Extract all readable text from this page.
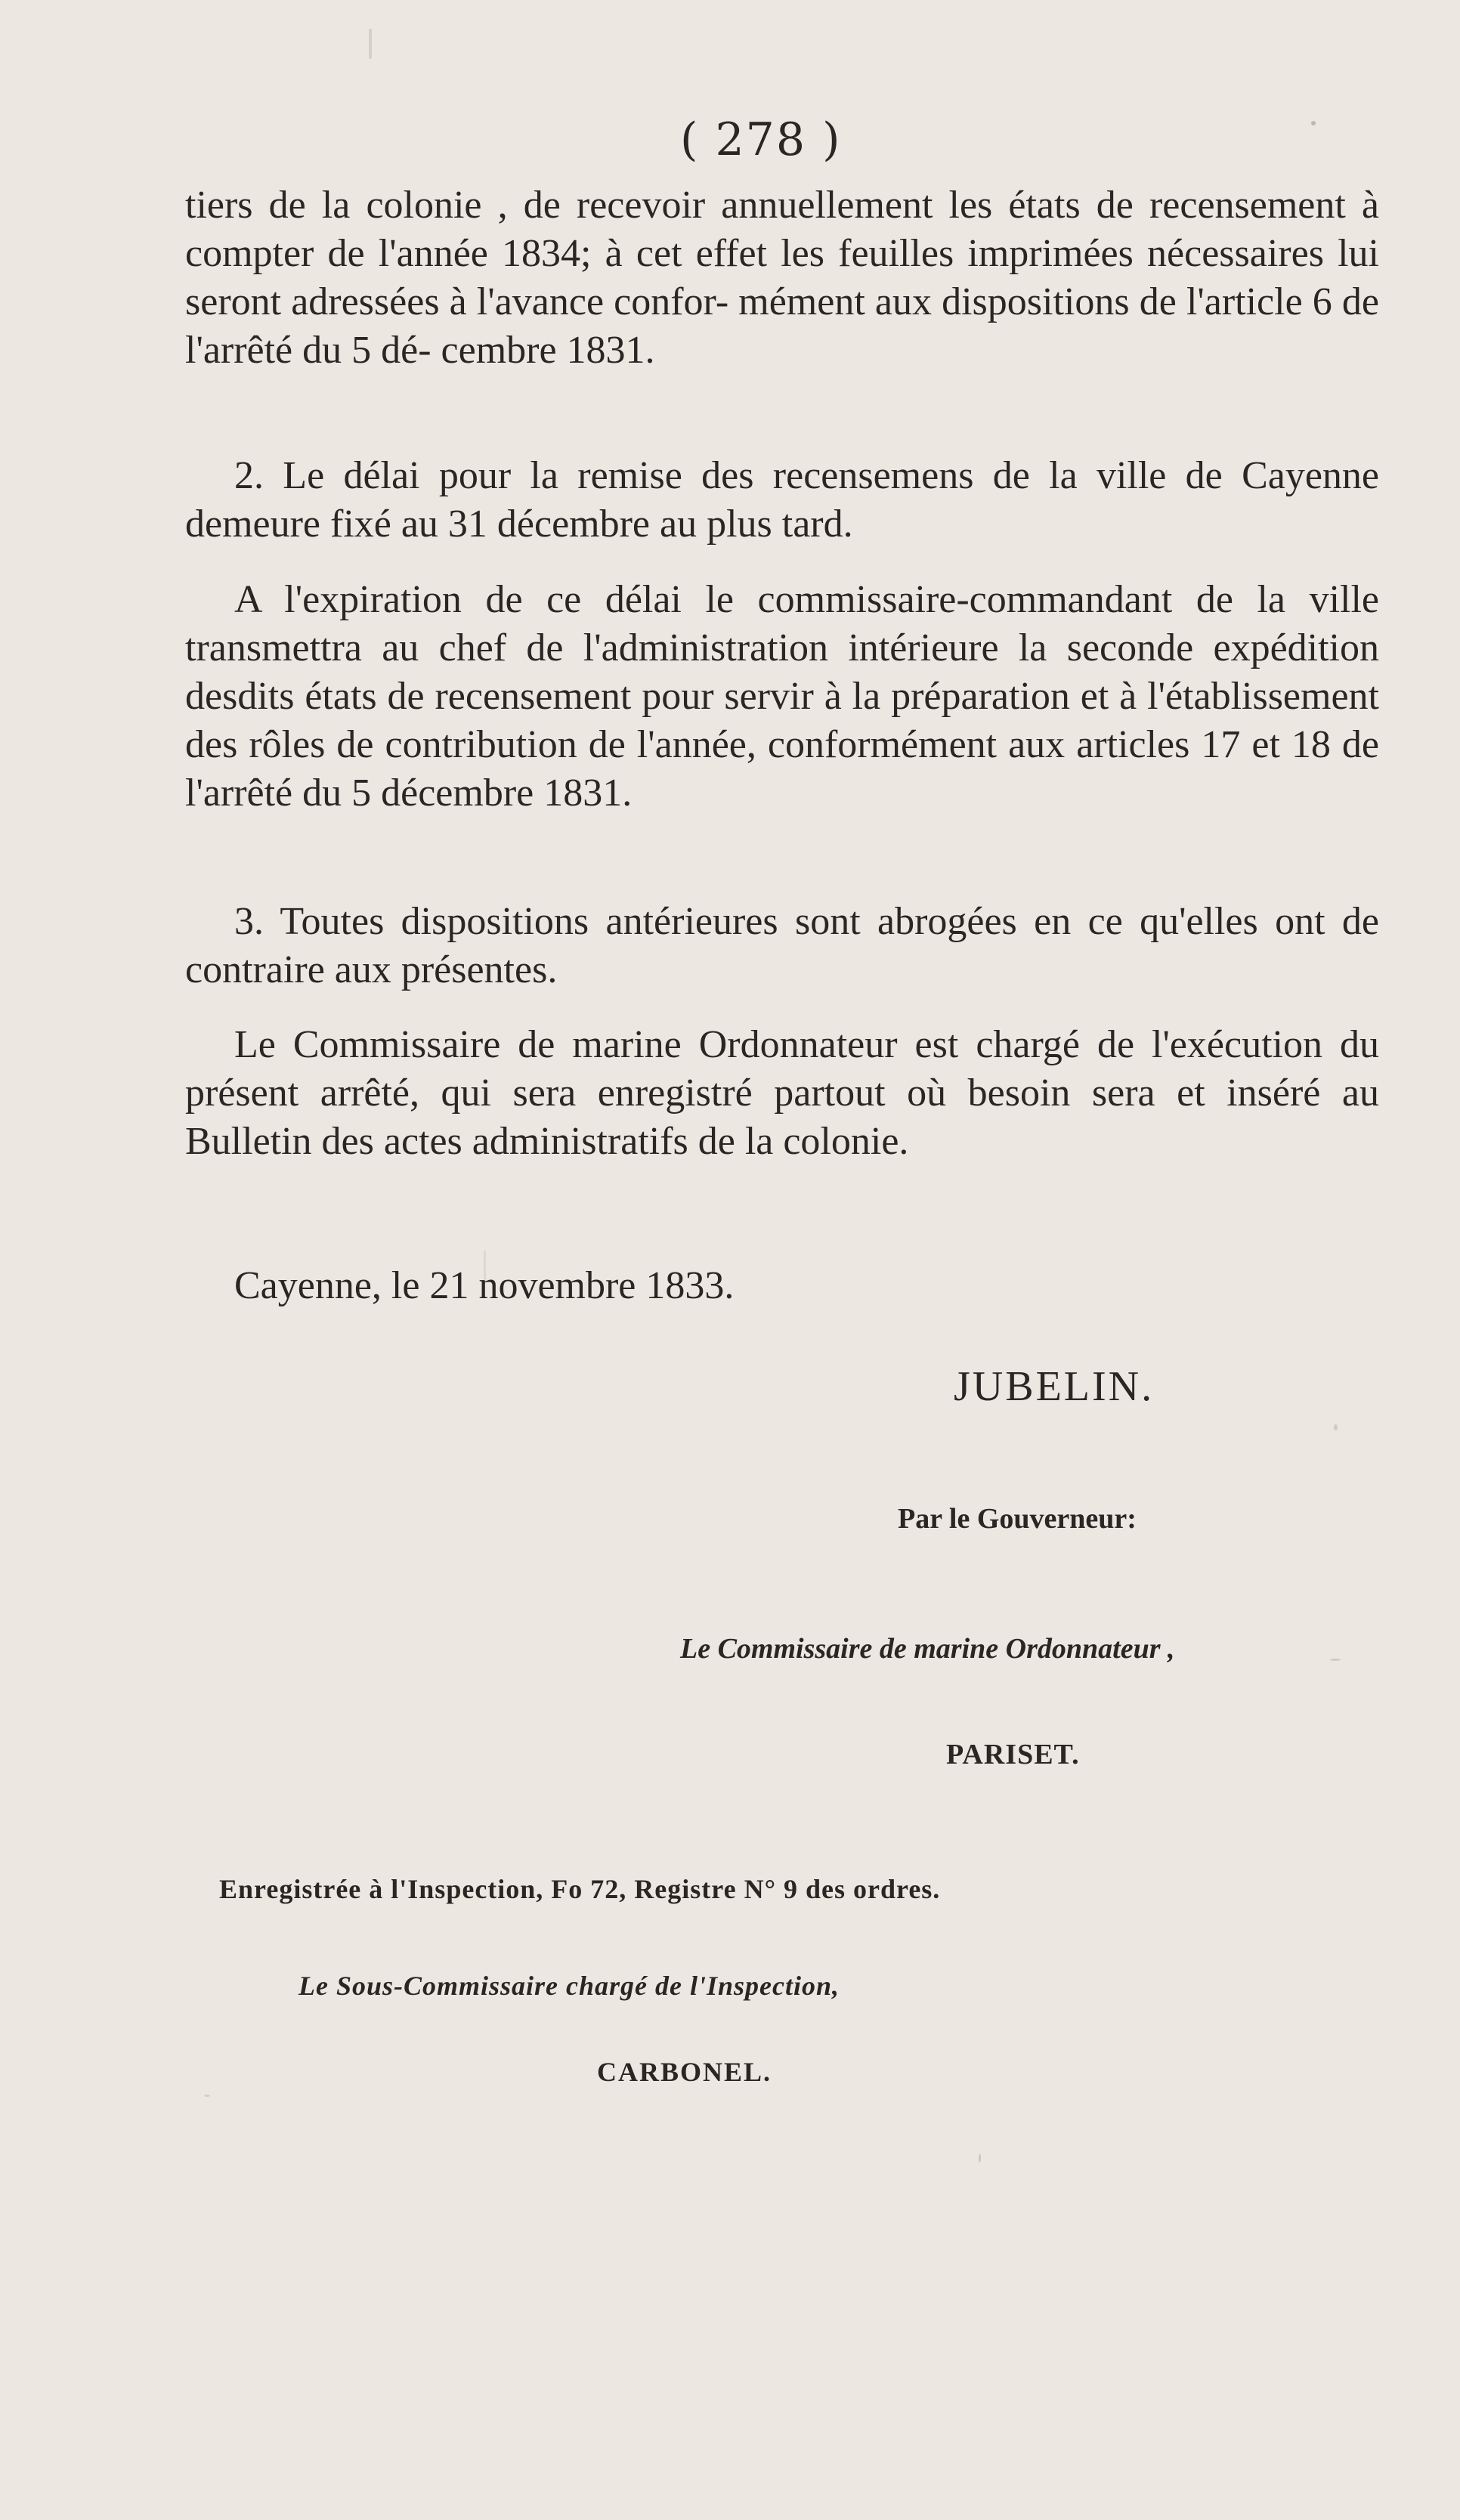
( 278 )

tiers de la colonie , de recevoir annuellement les états de recensement à compter de l'année 1834; à cet effet les feuilles imprimées nécessaires lui seront adressées à l'avance confor- mément aux dispositions de l'article 6 de l'arrêté du 5 dé- cembre 1831.

2. Le délai pour la remise des recensemens de la ville de Cayenne demeure fixé au 31 décembre au plus tard.

A l'expiration de ce délai le commissaire-commandant de la ville transmettra au chef de l'administration intérieure la seconde expédition desdits états de recensement pour servir à la préparation et à l'établissement des rôles de contribution de l'année, conformément aux articles 17 et 18 de l'arrêté du 5 décembre 1831.

3. Toutes dispositions antérieures sont abrogées en ce qu'elles ont de contraire aux présentes.

Le Commissaire de marine Ordonnateur est chargé de l'exécution du présent arrêté, qui sera enregistré partout où besoin sera et inséré au Bulletin des actes administratifs de la colonie.

Cayenne, le 21 novembre 1833.

JUBELIN.
Par le Gouverneur:
Le Commissaire de marine Ordonnateur ,
PARISET.
Enregistrée à l'Inspection, Fo 72, Registre N° 9 des ordres.
Le Sous-Commissaire chargé de l'Inspection,
CARBONEL.
